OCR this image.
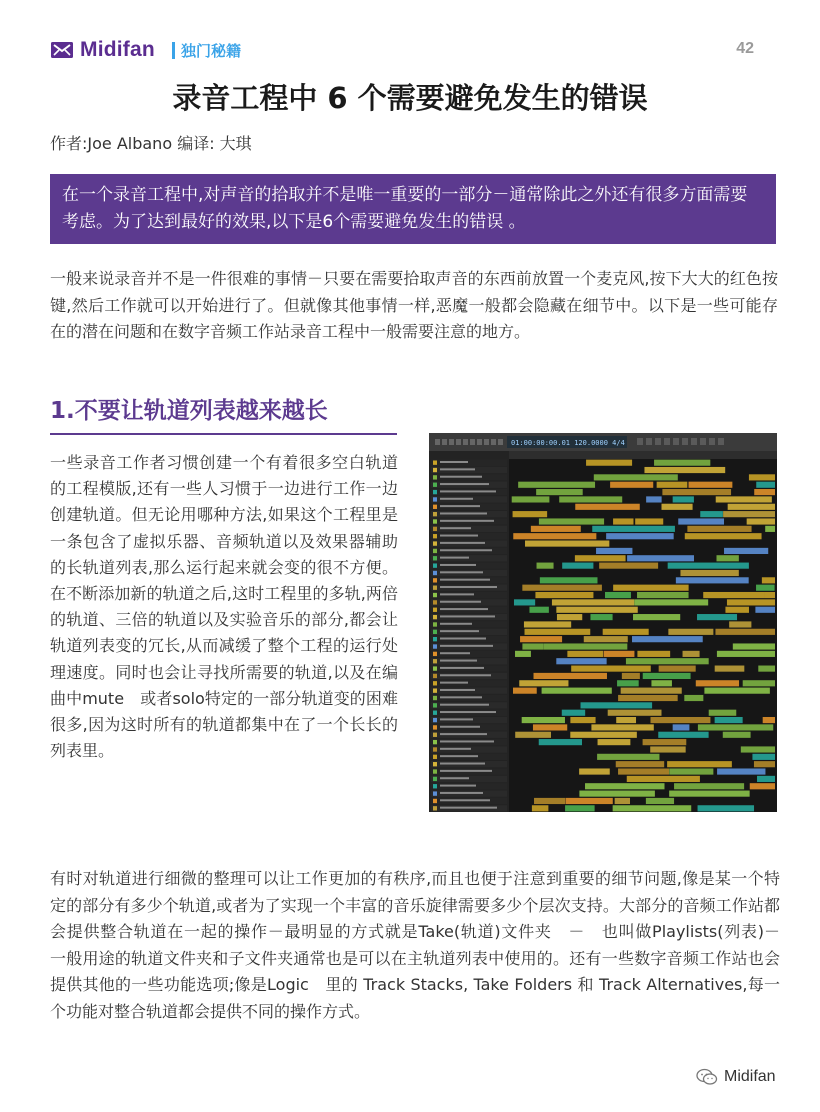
Midifan 独门秘籍	42
录音工程中 6 个需要避免发生的错误
作者:Joe Albano 编译: 大琪

在一个录音工程中,对声音的拾取并不是唯一重要的一部分－通常除此之外还有很多方面需要考虑。为了达到最好的效果,以下是6个需要避免发生的错误 。

一般来说录音并不是一件很难的事情－只要在需要拾取声音的东西前放置一个麦克风,按下大大的红色按键,然后工作就可以开始进行了。但就像其他事情一样,恶魔一般都会隐藏在细节中。以下是一些可能存在的潜在问题和在数字音频工作站录音工程中一般需要注意的地方。

1.不要让轨道列表越来越长

一些录音工作者习惯创建一个有着很多空白轨道的工程模版,还有一些人习惯于一边进行工作一边创建轨道。但无论用哪种方法,如果这个工程里是一条包含了虚拟乐器、音频轨道以及效果器辅助的长轨道列表,那么运行起来就会变的很不方便。在不断添加新的轨道之后,这时工程里的多轨,两倍的轨道、三倍的轨道以及实验音乐的部分,都会让轨道列表变的冗长,从而减缓了整个工程的运行处理速度。同时也会让寻找所需要的轨道,以及在编曲中mute　或者solo特定的一部分轨道变的困难很多,因为这时所有的轨道都集中在了一个长长的列表里。

01:00:00:00.01 120.0000 4/4

有时对轨道进行细微的整理可以让工作更加的有秩序,而且也便于注意到重要的细节问题,像是某一个特定的部分有多少个轨道,或者为了实现一个丰富的音乐旋律需要多少个层次支持。大部分的音频工作站都会提供整合轨道在一起的操作－最明显的方式就是Take(轨道)文件夹　－　也叫做Playlists(列表)－　一般用途的轨道文件夹和子文件夹通常也是可以在主轨道列表中使用的。还有一些数字音频工作站也会提供其他的一些功能选项;像是Logic　里的 Track Stacks, Take Folders 和 Track Alternatives,每一个功能对整合轨道都会提供不同的操作方式。

Midifan
